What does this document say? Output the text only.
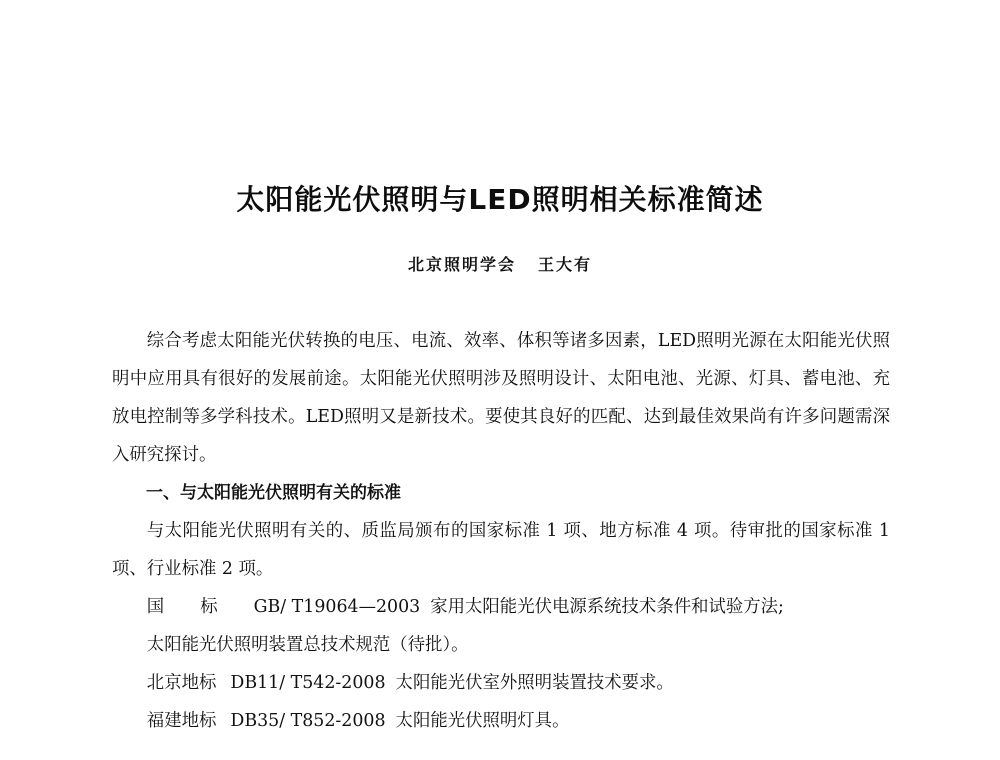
太阳能光伏照明与LED照明相关标准简述
北京照明学会 王大有

综合考虑太阳能光伏转换的电压、电流、效率、体积等诸多因素，LED照明光源在太阳能光伏照明中应用具有很好的发展前途。太阳能光伏照明涉及照明设计、太阳电池、光源、灯具、蓄电池、充放电控制等多学科技术。LED照明又是新技术。要使其良好的匹配、达到最佳效果尚有许多问题需深入研究探讨。

一、与太阳能光伏照明有关的标准

与太阳能光伏照明有关的、质监局颁布的国家标准 1 项、地方标准 4 项。待审批的国家标准 1 项、行业标准 2 项。

国标GB/ T19064—2003 家用太阳能光伏电源系统技术条件和试验方法;

太阳能光伏照明装置总技术规范（待批）。

北京地标 DB11/ T542-2008 太阳能光伏室外照明装置技术要求。

福建地标 DB35/ T852-2008 太阳能光伏照明灯具。
